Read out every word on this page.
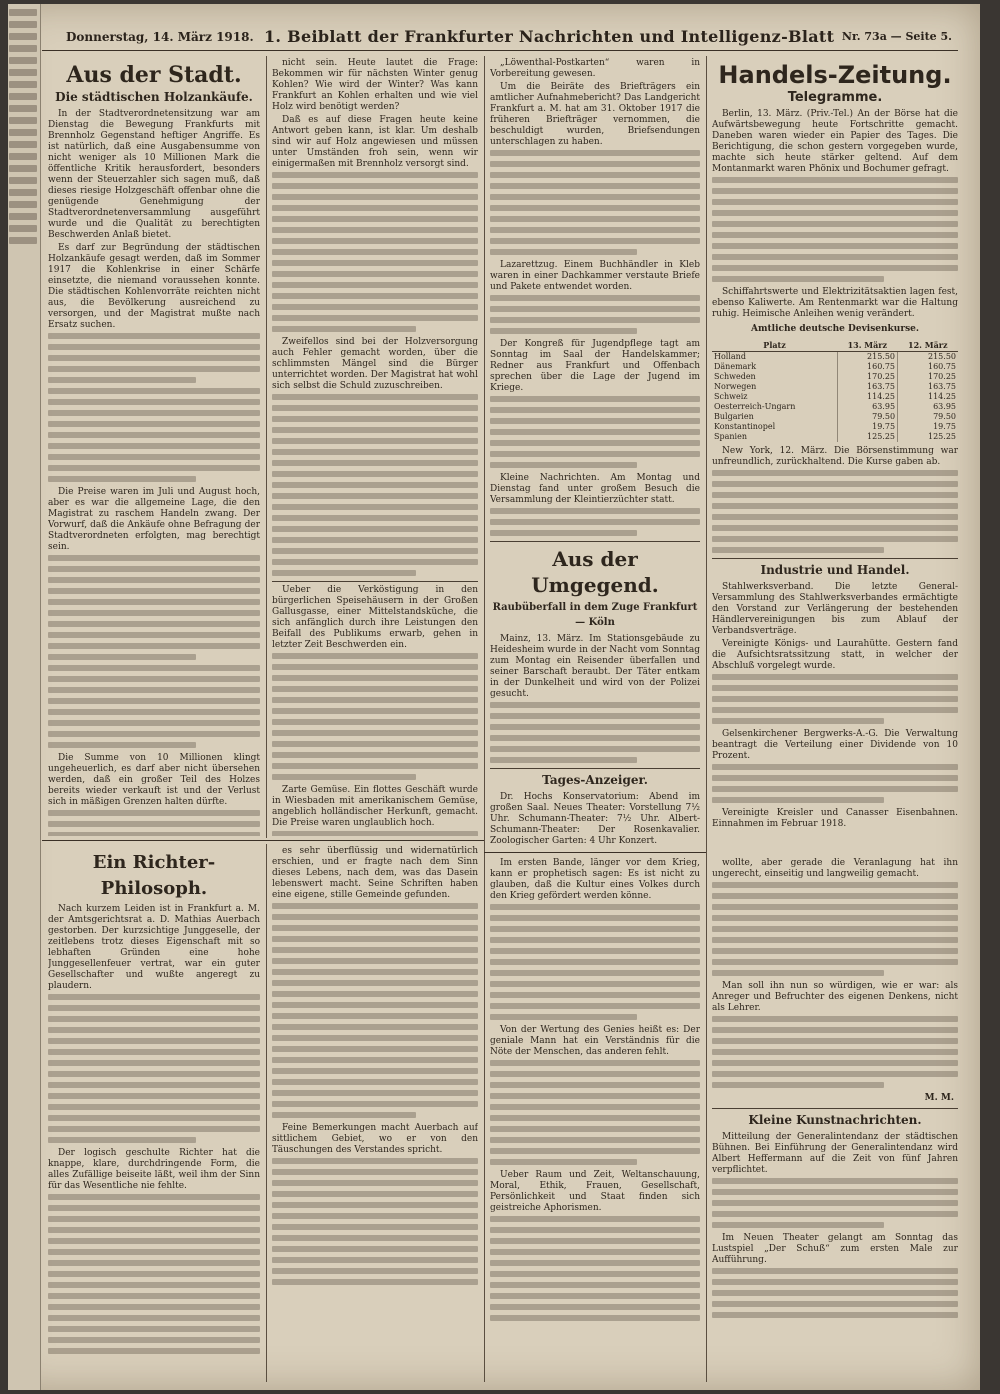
Donnerstag, 14. März 1918. 1. Beiblatt der Frankfurter Nachrichten und Intelligenz-Blatt Nr. 73a — Seite 5.
Aus der Stadt.
Die städtischen Holzankäufe.

In der Stadtverordnetensitzung war am Dienstag die Bewegung Frankfurts mit Brennholz Gegenstand heftiger Angriffe. Es ist natürlich, daß eine Ausgabensumme von nicht weniger als 10 Millionen Mark die öffentliche Kritik herausfordert, besonders wenn der Steuerzahler sich sagen muß, daß dieses riesige Holzgeschäft offenbar ohne die genügende Genehmigung der Stadtverordnetenversammlung ausgeführt wurde und die Qualität zu berechtigten Beschwerden Anlaß bietet.

Es darf zur Begründung der städtischen Holzankäufe gesagt werden, daß im Sommer 1917 die Kohlenkrise in einer Schärfe einsetzte, die niemand voraussehen konnte. Die städtischen Kohlenvorräte reichten nicht aus, die Bevölkerung ausreichend zu versorgen, und der Magistrat mußte nach Ersatz suchen.

Die Preise waren im Juli und August hoch, aber es war die allgemeine Lage, die den Magistrat zu raschem Handeln zwang. Der Vorwurf, daß die Ankäufe ohne Befragung der Stadtverordneten erfolgten, mag berechtigt sein.

Die Summe von 10 Millionen klingt ungeheuerlich, es darf aber nicht übersehen werden, daß ein großer Teil des Holzes bereits wieder verkauft ist und der Verlust sich in mäßigen Grenzen halten dürfte.

nicht sein. Heute lautet die Frage: Bekommen wir für nächsten Winter genug Kohlen? Wie wird der Winter? Was kann Frankfurt an Kohlen erhalten und wie viel Holz wird benötigt werden?

Daß es auf diese Fragen heute keine Antwort geben kann, ist klar. Um deshalb sind wir auf Holz angewiesen und müssen unter Umständen froh sein, wenn wir einigermaßen mit Brennholz versorgt sind.

Zweifellos sind bei der Holzversorgung auch Fehler gemacht worden, über die schlimmsten Mängel sind die Bürger unterrichtet worden. Der Magistrat hat wohl sich selbst die Schuld zuzuschreiben.

Ueber die Verköstigung in den bürgerlichen Speisehäusern in der Großen Gallusgasse, einer Mittelstandsküche, die sich anfänglich durch ihre Leistungen den Beifall des Publikums erwarb, gehen in letzter Zeit Beschwerden ein.

Zarte Gemüse. Ein flottes Geschäft wurde in Wiesbaden mit amerikanischem Gemüse, angeblich holländischer Herkunft, gemacht. Die Preise waren unglaublich hoch.

„Löwenthal-Postkarten“ waren in Vorbereitung gewesen.

Um die Beiräte des Briefträgers ein amtlicher Aufnahmebericht? Das Landgericht Frankfurt a. M. hat am 31. Oktober 1917 die früheren Briefträger vernommen, die beschuldigt wurden, Briefsendungen unterschlagen zu haben.

Lazarettzug. Einem Buchhändler in Kleb waren in einer Dachkammer verstaute Briefe und Pakete entwendet worden.

Der Kongreß für Jugendpflege tagt am Sonntag im Saal der Handelskammer; Redner aus Frankfurt und Offenbach sprechen über die Lage der Jugend im Kriege.

Kleine Nachrichten. Am Montag und Dienstag fand unter großem Besuch die Versammlung der Kleintierzüchter statt.

Aus der Umgegend.
Raubüberfall in dem Zuge Frankfurt — Köln

Mainz, 13. März. Im Stationsgebäude zu Heidesheim wurde in der Nacht vom Sonntag zum Montag ein Reisender überfallen und seiner Barschaft beraubt. Der Täter entkam in der Dunkelheit und wird von der Polizei gesucht.

Tages-Anzeiger.

Dr. Hochs Konservatorium: Abend im großen Saal. Neues Theater: Vorstellung 7½ Uhr. Schumann-Theater: 7½ Uhr. Albert-Schumann-Theater: Der Rosenkavalier. Zoologischer Garten: 4 Uhr Konzert.

Handels-Zeitung.
Telegramme.

Berlin, 13. März. (Priv.-Tel.) An der Börse hat die Aufwärtsbewegung heute Fortschritte gemacht. Daneben waren wieder ein Papier des Tages. Die Berichtigung, die schon gestern vorgegeben wurde, machte sich heute stärker geltend. Auf dem Montanmarkt waren Phönix und Bochumer gefragt.

Schiffahrtswerte und Elektrizitätsaktien lagen fest, ebenso Kaliwerte. Am Rentenmarkt war die Haltung ruhig. Heimische Anleihen wenig verändert.

Amtliche deutsche Devisenkurse.
Platz	13. März	12. März
Holland	215.50	215.50
Dänemark	160.75	160.75
Schweden	170.25	170.25
Norwegen	163.75	163.75
Schweiz	114.25	114.25
Oesterreich-Ungarn	63.95	63.95
Bulgarien	79.50	79.50
Konstantinopel	19.75	19.75
Spanien	125.25	125.25

New York, 12. März. Die Börsenstimmung war unfreundlich, zurückhaltend. Die Kurse gaben ab.

Industrie und Handel.

Stahlwerksverband. Die letzte General-Versammlung des Stahlwerksverbandes ermächtigte den Vorstand zur Verlängerung der bestehenden Händlervereinigungen bis zum Ablauf der Verbandsverträge.

Vereinigte Königs- und Laurahütte. Gestern fand die Aufsichtsratssitzung statt, in welcher der Abschluß vorgelegt wurde.

Gelsenkirchener Bergwerks-A.-G. Die Verwaltung beantragt die Verteilung einer Dividende von 10 Prozent.

Vereinigte Kreisler und Canasser Eisenbahnen. Einnahmen im Februar 1918.

Ein Richter-Philosoph.

Nach kurzem Leiden ist in Frankfurt a. M. der Amtsgerichtsrat a. D. Mathias Auerbach gestorben. Der kurzsichtige Junggeselle, der zeitlebens trotz dieses Eigenschaft mit so lebhaften Gründen eine hohe Junggesellenfeuer vertrat, war ein guter Gesellschafter und wußte angeregt zu plaudern.

Der logisch geschulte Richter hat die knappe, klare, durchdringende Form, die alles Zufällige beiseite läßt, weil ihm der Sinn für das Wesentliche nie fehlte.

es sehr überflüssig und widernatürlich erschien, und er fragte nach dem Sinn dieses Lebens, nach dem, was das Dasein lebenswert macht. Seine Schriften haben eine eigene, stille Gemeinde gefunden.

Feine Bemerkungen macht Auerbach auf sittlichem Gebiet, wo er von den Täuschungen des Verstandes spricht.

Im ersten Bande, länger vor dem Krieg, kann er prophetisch sagen: Es ist nicht zu glauben, daß die Kultur eines Volkes durch den Krieg gefördert werden könne.

Von der Wertung des Genies heißt es: Der geniale Mann hat ein Verständnis für die Nöte der Menschen, das anderen fehlt.

Ueber Raum und Zeit, Weltanschauung, Moral, Ethik, Frauen, Gesellschaft, Persönlichkeit und Staat finden sich geistreiche Aphorismen.

wollte, aber gerade die Veranlagung hat ihn ungerecht, einseitig und langweilig gemacht.

Man soll ihn nun so würdigen, wie er war: als Anreger und Befruchter des eigenen Denkens, nicht als Lehrer.

M. M.
Kleine Kunstnachrichten.

Mitteilung der Generalintendanz der städtischen Bühnen. Bei Einführung der Generalintendanz wird Albert Heffermann auf die Zeit von fünf Jahren verpflichtet.

Im Neuen Theater gelangt am Sonntag das Lustspiel „Der Schuß“ zum ersten Male zur Aufführung.
